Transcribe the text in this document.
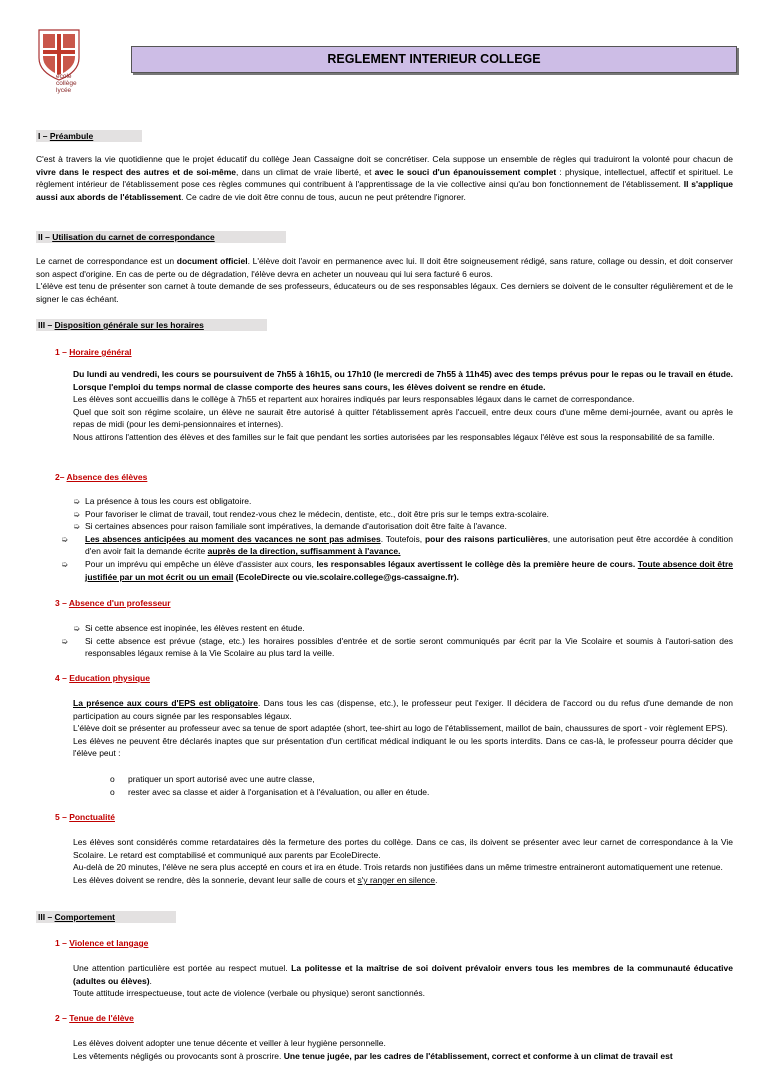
école
collège
lycée
REGLEMENT INTERIEUR COLLEGE
I – Préambule
C'est à travers la vie quotidienne que le projet éducatif du collège Jean Cassaigne doit se concrétiser. Cela suppose un ensemble de règles qui traduiront la volonté pour chacun de vivre dans le respect des autres et de soi-même, dans un climat de vraie liberté, et avec le souci d'un épanouissement complet : physique, intellectuel, affectif et spirituel. Le règlement intérieur de l'établissement pose ces règles communes qui contribuent à l'apprentissage de la vie collective ainsi qu'au bon fonctionnement de l'établissement. Il s'applique aussi aux abords de l'établissement. Ce cadre de vie doit être connu de tous, aucun ne peut prétendre l'ignorer.
II – Utilisation du carnet de correspondance
Le carnet de correspondance est un document officiel. L'élève doit l'avoir en permanence avec lui. Il doit être soigneusement rédigé, sans rature, collage ou dessin, et doit conserver son aspect d'origine. En cas de perte ou de dégradation, l'élève devra en acheter un nouveau qui lui sera facturé 6 euros.
L'élève est tenu de présenter son carnet à toute demande de ses professeurs, éducateurs ou de ses responsables légaux. Ces derniers se doivent de le consulter régulièrement et de le signer le cas échéant.
III – Disposition générale sur les horaires
1 – Horaire général
Du lundi au vendredi, les cours se poursuivent de 7h55 à 16h15, ou 17h10 (le mercredi de 7h55 à 11h45) avec des temps prévus pour le repas ou le travail en étude. Lorsque l'emploi du temps normal de classe comporte des heures sans cours, les élèves doivent se rendre en étude.
Les élèves sont accueillis dans le collège à 7h55 et repartent aux horaires indiqués par leurs responsables légaux dans le carnet de correspondance.
Quel que soit son régime scolaire, un élève ne saurait être autorisé à quitter l'établissement après l'accueil, entre deux cours d'une même demi-journée, avant ou après le repas de midi (pour les demi-pensionnaires et internes).
Nous attirons l'attention des élèves et des familles sur le fait que pendant les sorties autorisées par les responsables légaux l'élève est sous la responsabilité de sa famille.
2– Absence des élèves
➭ La présence à tous les cours est obligatoire.
➭ Pour favoriser le climat de travail, tout rendez-vous chez le médecin, dentiste, etc., doit être pris sur le temps extra-scolaire.
➭ Si certaines absences pour raison familiale sont impératives, la demande d'autorisation doit être faite à l'avance.
➭ Les absences anticipées au moment des vacances ne sont pas admises. Toutefois, pour des raisons particulières, une autorisation peut être accordée à condition d'en avoir fait la demande écrite auprès de la direction, suffisamment à l'avance.
➭ Pour un imprévu qui empêche un élève d'assister aux cours, les responsables légaux avertissent le collège dès la première heure de cours. Toute absence doit être justifiée par un mot écrit ou un email (EcoleDirecte ou vie.scolaire.college@gs-cassaigne.fr).
3 – Absence d'un professeur
➭ Si cette absence est inopinée, les élèves restent en étude.
➭ Si cette absence est prévue (stage, etc.) les horaires possibles d'entrée et de sortie seront communiqués par écrit par la Vie Scolaire et soumis à l'autori-sation des responsables légaux remise à la Vie Scolaire au plus tard la veille.
4 – Education physique
La présence aux cours d'EPS est obligatoire. Dans tous les cas (dispense, etc.), le professeur peut l'exiger. Il décidera de l'accord ou du refus d'une demande de non participation au cours signée par les responsables légaux.
L'élève doit se présenter au professeur avec sa tenue de sport adaptée (short, tee-shirt au logo de l'établissement, maillot de bain, chaussures de sport - voir règlement EPS).
Les élèves ne peuvent être déclarés inaptes que sur présentation d'un certificat médical indiquant le ou les sports interdits. Dans ce cas-là, le professeur pourra décider que l'élève peut :
o pratiquer un sport autorisé avec une autre classe,
o rester avec sa classe et aider à l'organisation et à l'évaluation, ou aller en étude.
5 – Ponctualité
Les élèves sont considérés comme retardataires dès la fermeture des portes du collège. Dans ce cas, ils doivent se présenter avec leur carnet de correspondance à la Vie Scolaire. Le retard est comptabilisé et communiqué aux parents par EcoleDirecte.
Au-delà de 20 minutes, l'élève ne sera plus accepté en cours et ira en étude. Trois retards non justifiées dans un même trimestre entraineront automatiquement une retenue.
Les élèves doivent se rendre, dès la sonnerie, devant leur salle de cours et s'y ranger en silence.
III – Comportement
1 – Violence et langage
Une attention particulière est portée au respect mutuel. La politesse et la maîtrise de soi doivent prévaloir envers tous les membres de la communauté éducative (adultes ou élèves).
Toute attitude irrespectueuse, tout acte de violence (verbale ou physique) seront sanctionnés.
2 – Tenue de l'élève
Les élèves doivent adopter une tenue décente et veiller à leur hygiène personnelle.
Les vêtements négligés ou provocants sont à proscrire. Une tenue jugée, par les cadres de l'établissement, correct et conforme à un climat de travail est
